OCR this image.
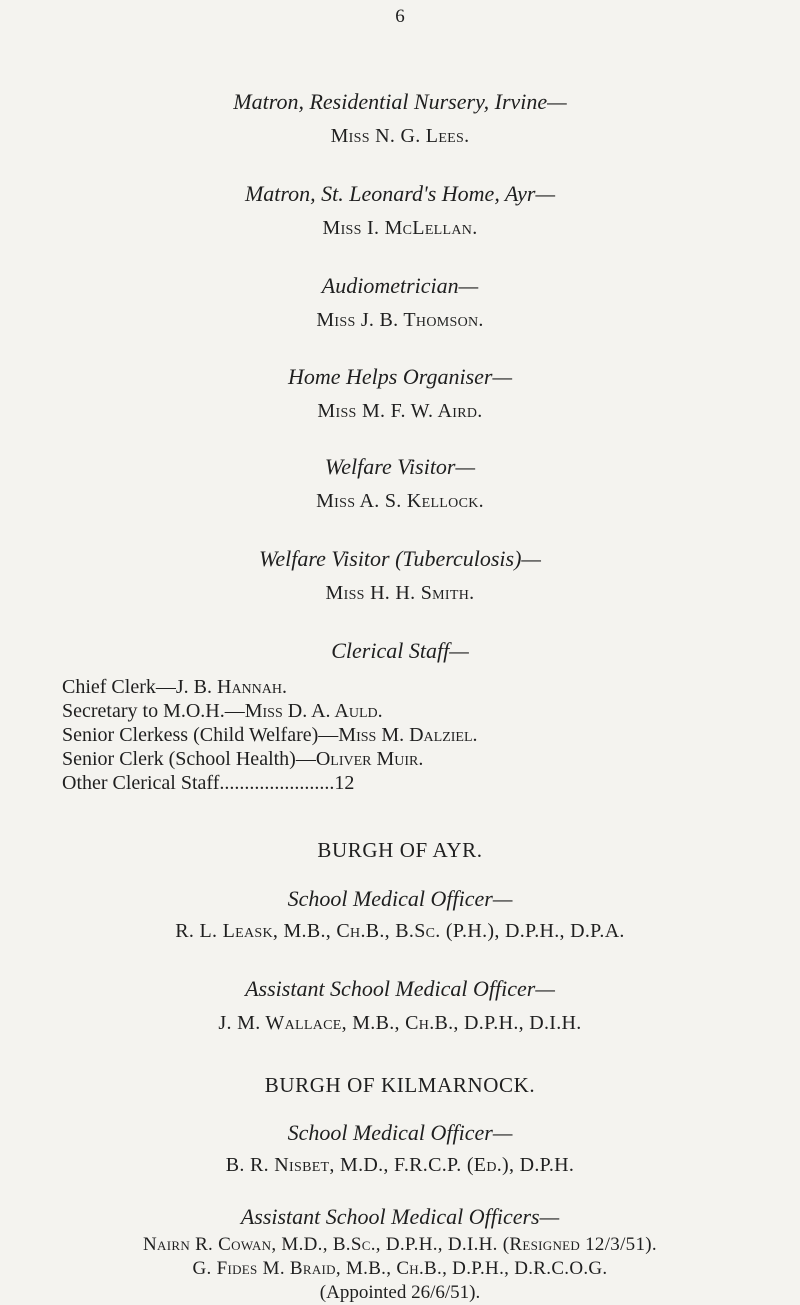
6
Matron, Residential Nursery, Irvine—
Miss N. G. Lees.
Matron, St. Leonard's Home, Ayr—
Miss I. McLellan.
Audiometrician—
Miss J. B. Thomson.
Home Helps Organiser—
Miss M. F. W. Aird.
Welfare Visitor—
Miss A. S. Kellock.
Welfare Visitor (Tuberculosis)—
Miss H. H. Smith.
Clerical Staff—
Chief Clerk—J. B. Hannah.
Secretary to M.O.H.—Miss D. A. Auld.
Senior Clerkess (Child Welfare)—Miss M. Dalziel.
Senior Clerk (School Health)—Oliver Muir.
Other Clerical Staff.......................12
BURGH OF AYR.
School Medical Officer—
R. L. Leask, M.B., Ch.B., B.Sc. (P.H.), D.P.H., D.P.A.
Assistant School Medical Officer—
J. M. Wallace, M.B., Ch.B., D.P.H., D.I.H.
BURGH OF KILMARNOCK.
School Medical Officer—
B. R. Nisbet, M.D., F.R.C.P. (Ed.), D.P.H.
Assistant School Medical Officers—
Nairn R. Cowan, M.D., B.Sc., D.P.H., D.I.H. (Resigned 12/3/51).
G. Fides M. Braid, M.B., Ch.B., D.P.H., D.R.C.O.G.
(Appointed 26/6/51).
